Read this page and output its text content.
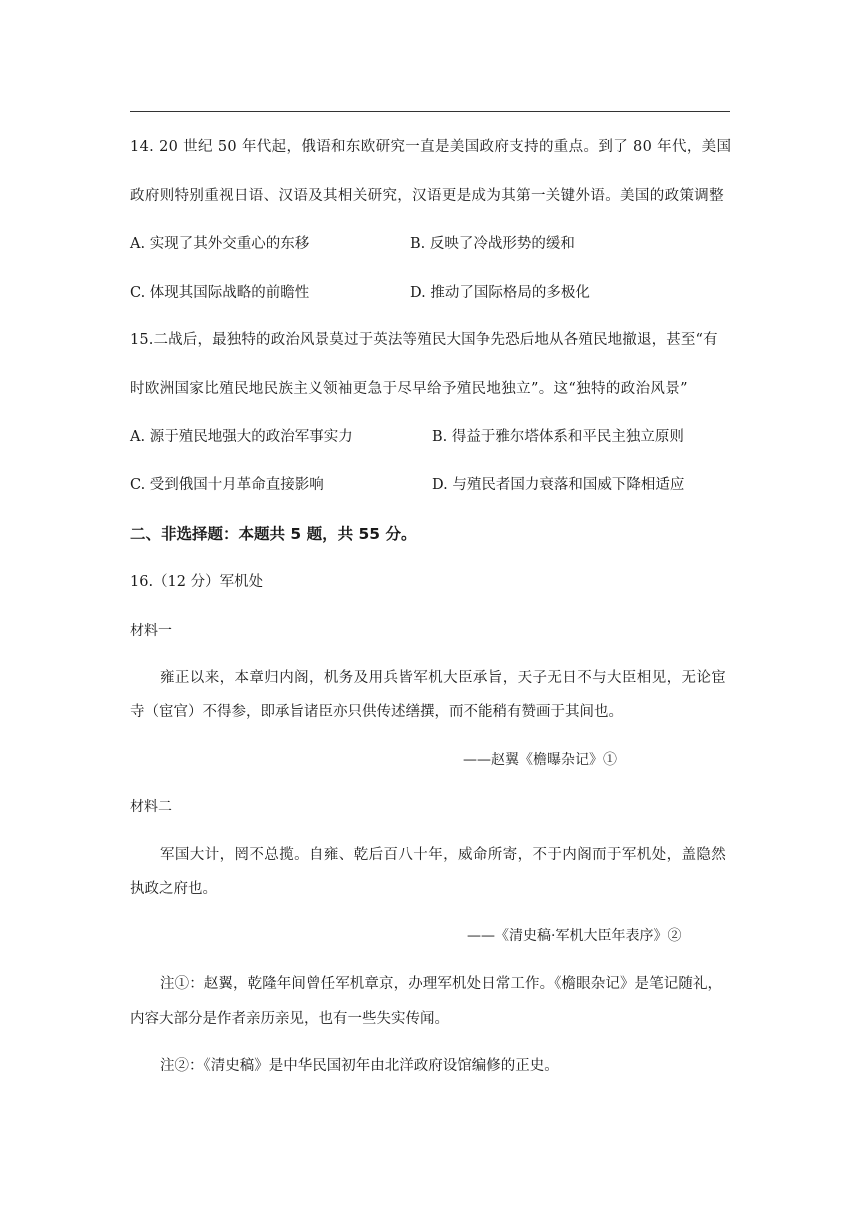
14. 20 世纪 50 年代起，俄语和东欧研究一直是美国政府支持的重点。到了 80 年代，美国

政府则特别重视日语、汉语及其相关研究，汉语更是成为其第一关键外语。美国的政策调整

A. 实现了其外交重心的东移	B. 反映了冷战形势的缓和

C. 体现其国际战略的前瞻性	D. 推动了国际格局的多极化

15.二战后，最独特的政治风景莫过于英法等殖民大国争先恐后地从各殖民地撤退，甚至“有

时欧洲国家比殖民地民族主义领袖更急于尽早给予殖民地独立”。这“独特的政治风景”

A. 源于殖民地强大的政治军事实力	B. 得益于雅尔塔体系和平民主独立原则

C. 受到俄国十月革命直接影响	D. 与殖民者国力衰落和国威下降相适应

二、非选择题：本题共 5 题，共 55 分。

16.（12 分）军机处

材料一

雍正以来，本章归内阁，机务及用兵皆军机大臣承旨，天子无日不与大臣相见，无论宦

寺（宦官）不得参，即承旨诸臣亦只供传述缮撰，而不能稍有赞画于其间也。

——赵翼《檐曝杂记》①
材料二

军国大计，罔不总揽。自雍、乾后百八十年，威命所寄，不于内阁而于军机处，盖隐然

执政之府也。

——《清史稿·军机大臣年表序》②

注①：赵翼，乾隆年间曾任军机章京，办理军机处日常工作。《檐眼杂记》是笔记随礼，

内容大部分是作者亲历亲见，也有一些失实传闻。

注②：《清史稿》是中华民国初年由北洋政府设馆编修的正史。
